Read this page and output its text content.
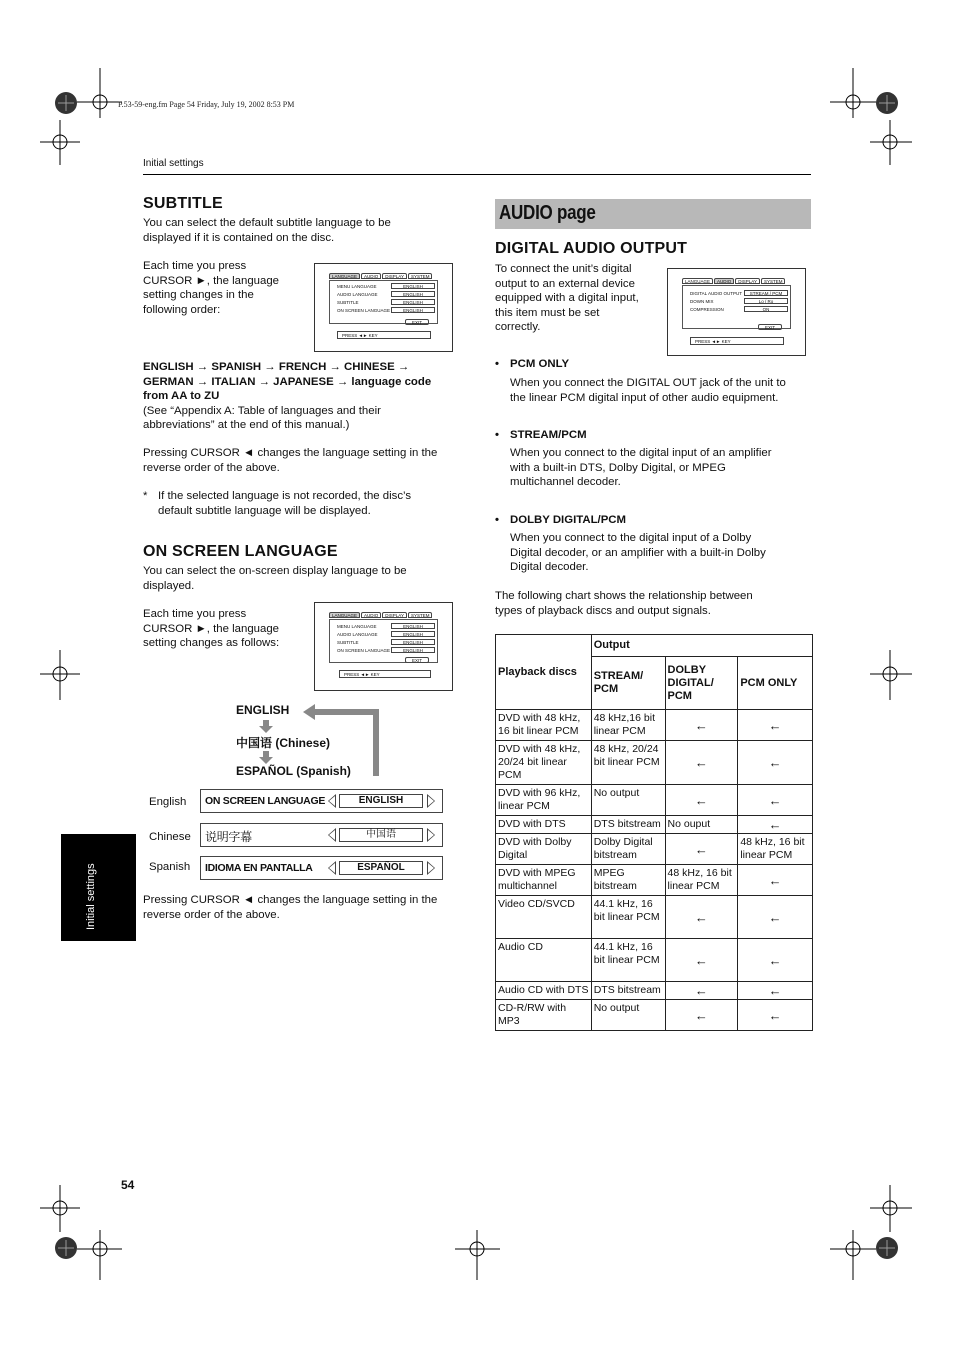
P.53-59-eng.fm Page 54 Friday, July 19, 2002 8:53 PM
Initial settings
SUBTITLE

You can select the default subtitle language to be

displayed if it is contained on the disc.

Each time you press

CURSOR ►, the language

setting changes in the

following order:

LANGUAGE	AUDIO	DISPLAY	SYSTEM
MENU LANGUAGE	ENGLISH
AUDIO LANGUAGE	ENGLISH
SUBTITLE	ENGLISH
ON SCREEN LANGUAGE	ENGLISH
EXIT
PRESS ◄► KEY

ENGLISH → SPANISH → FRENCH → CHINESE →

GERMAN → ITALIAN → JAPANESE → language code

from AA to ZU

(See “Appendix A: Table of languages and their

abbreviations” at the end of this manual.)

Pressing CURSOR ◄ changes the language setting in the

reverse order of the above.

* If the selected language is not recorded, the disc’s

default subtitle language will be displayed.

ON SCREEN LANGUAGE

You can select the on-screen display language to be

displayed.

Each time you press

CURSOR ►, the language

setting changes as follows:

LANGUAGE	AUDIO	DISPLAY	SYSTEM
MENU LANGUAGE	ENGLISH
AUDIO LANGUAGE	ENGLISH
SUBTITLE	ENGLISH
ON SCREEN LANGUAGE	ENGLISH
EXIT
PRESS ◄► KEY
ENGLISH
中国语 (Chinese)
ESPAÑOL (Spanish)
English ON SCREEN LANGUAGE	ENGLISH
Chinese 说明字幕	中国语
Spanish IDIOMA EN PANTALLA	ESPAÑOL

Pressing CURSOR ◄ changes the language setting in the

reverse order of the above.

Initial settings
54
AUDIO page
DIGITAL AUDIO OUTPUT

To connect the unit’s digital

output to an external device

equipped with a digital input,

this item must be set

correctly.

LANGUAGE	AUDIO	DISPLAY	SYSTEM
DIGITAL AUDIO OUTPUT	STREAM / PCM
DOWN MIX	Lo / Ro
COMPRESSION	ON
EXIT
PRESS ◄► KEY
• PCM ONLY

When you connect the DIGITAL OUT jack of the unit to

the linear PCM digital input of other audio equipment.

• STREAM/PCM

When you connect to the digital input of an amplifier

with a built-in DTS, Dolby Digital, or MPEG

multichannel decoder.

• DOLBY DIGITAL/PCM

When you connect to the digital input of a Dolby

Digital decoder, or an amplifier with a built-in Dolby

Digital decoder.

The following chart shows the relationship between

types of playback discs and output signals.

Playback discs	Output		
	STREAM/
PCM	DOLBY
DIGITAL/
PCM	PCM ONLY
DVD with 48 kHz, 16 bit linear PCM	48 kHz,16 bit linear PCM	←	←
DVD with 48 kHz, 20/24 bit linear PCM	48 kHz, 20/24 bit linear PCM	←	←
DVD with 96 kHz, linear PCM	No output	←	←
DVD with DTS	DTS bitstream	No ouput	←
DVD with Dolby Digital	Dolby Digital bitstream	←	48 kHz, 16 bit linear PCM
DVD with MPEG multichannel	MPEG bitstream	48 kHz, 16 bit linear PCM	←
Video CD/SVCD	44.1 kHz, 16 bit linear PCM	←	←
Audio CD	44.1 kHz, 16 bit linear PCM	←	←
Audio CD with DTS	DTS bitstream	←	←
CD-R/RW with MP3	No output	←	←
